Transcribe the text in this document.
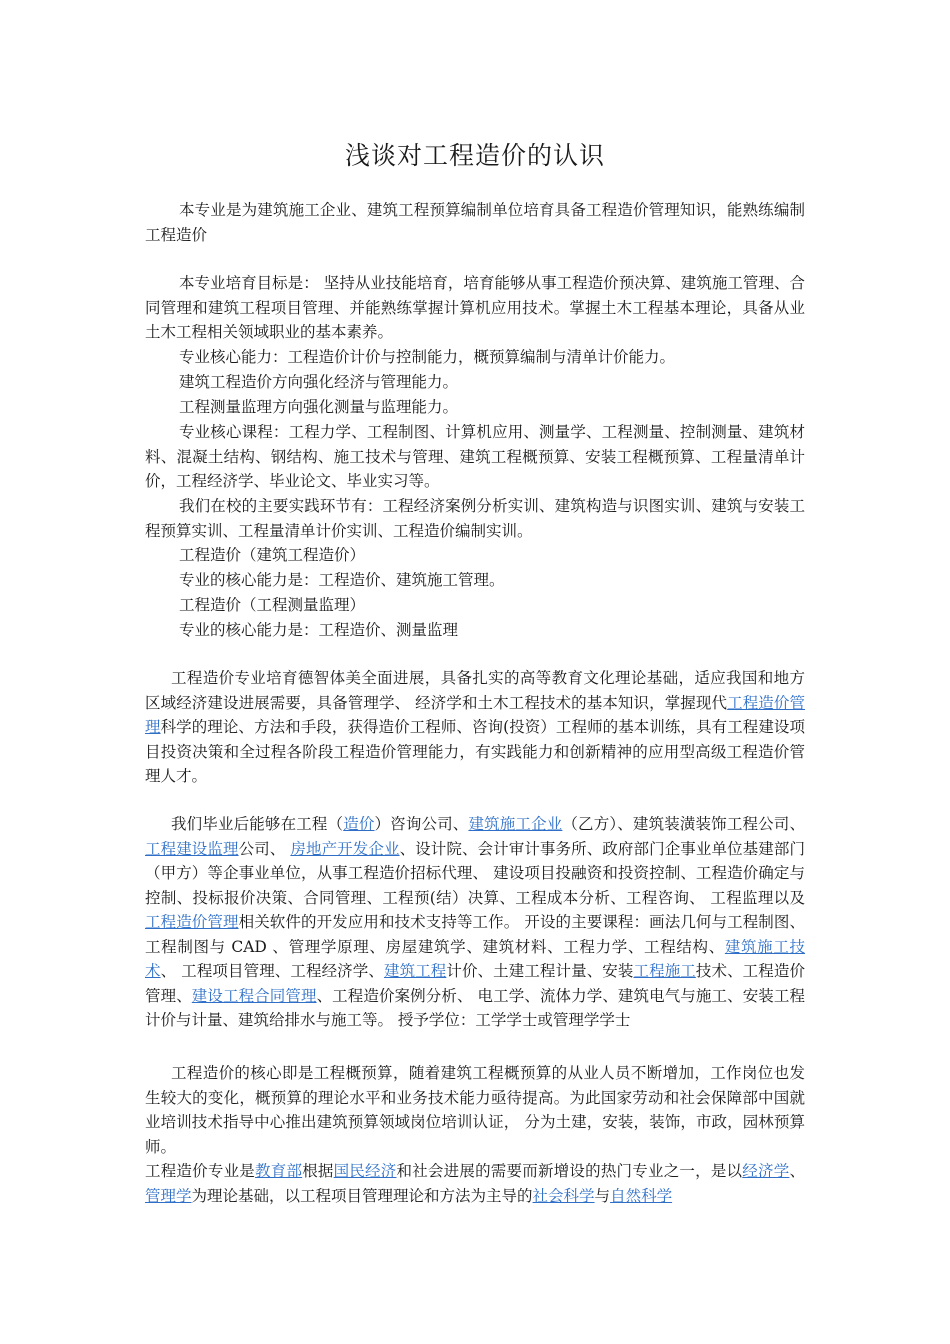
浅谈对工程造价的认识
本专业是为建筑施工企业、建筑工程预算编制单位培育具备工程造价管理知识，能熟练编制工程造价
本专业培育目标是： 坚持从业技能培育，培育能够从事工程造价预决算、建筑施工管理、合同管理和建筑工程项目管理、并能熟练掌握计算机应用技术。掌握土木工程基本理论，具备从业土木工程相关领域职业的基本素养。
专业核心能力：工程造价计价与控制能力，概预算编制与清单计价能力。
建筑工程造价方向强化经济与管理能力。
工程测量监理方向强化测量与监理能力。
专业核心课程：工程力学、工程制图、计算机应用、测量学、工程测量、控制测量、建筑材料、混凝土结构、钢结构、施工技术与管理、建筑工程概预算、安装工程概预算、工程量清单计价，工程经济学、毕业论文、毕业实习等。
我们在校的主要实践环节有：工程经济案例分析实训、建筑构造与识图实训、建筑与安装工程预算实训、工程量清单计价实训、工程造价编制实训。
工程造价（建筑工程造价）
专业的核心能力是：工程造价、建筑施工管理。
工程造价（工程测量监理）
专业的核心能力是：工程造价、测量监理
工程造价专业培育德智体美全面进展，具备扎实的高等教育文化理论基础，适应我国和地方区域经济建设进展需要，具备管理学、 经济学和土木工程技术的基本知识，掌握现代工程造价管理科学的理论、方法和手段，获得造价工程师、咨询(投资）工程师的基本训练，具有工程建设项目投资决策和全过程各阶段工程造价管理能力，有实践能力和创新精神的应用型高级工程造价管理人才。
我们毕业后能够在工程（造价）咨询公司、建筑施工企业（乙方）、建筑装潢装饰工程公司、工程建设监理公司、 房地产开发企业、设计院、会计审计事务所、政府部门企事业单位基建部门（甲方）等企事业单位，从事工程造价招标代理、 建设项目投融资和投资控制、工程造价确定与控制、投标报价决策、合同管理、工程预(结）决算、工程成本分析、工程咨询、 工程监理以及工程造价管理相关软件的开发应用和技术支持等工作。 开设的主要课程：画法几何与工程制图、工程制图与 CAD 、管理学原理、房屋建筑学、建筑材料、工程力学、工程结构、建筑施工技术、 工程项目管理、工程经济学、建筑工程计价、土建工程计量、安装工程施工技术、工程造价管理、建设工程合同管理、工程造价案例分析、 电工学、流体力学、建筑电气与施工、安装工程计价与计量、建筑给排水与施工等。 授予学位：工学学士或管理学学士
工程造价的核心即是工程概预算，随着建筑工程概预算的从业人员不断增加，工作岗位也发生较大的变化，概预算的理论水平和业务技术能力亟待提高。为此国家劳动和社会保障部中国就业培训技术指导中心推出建筑预算领域岗位培训认证， 分为土建，安装，装饰，市政，园林预算师。
工程造价专业是教育部根据国民经济和社会进展的需要而新增设的热门专业之一，是以经济学、管理学为理论基础，以工程项目管理理论和方法为主导的社会科学与自然科学
